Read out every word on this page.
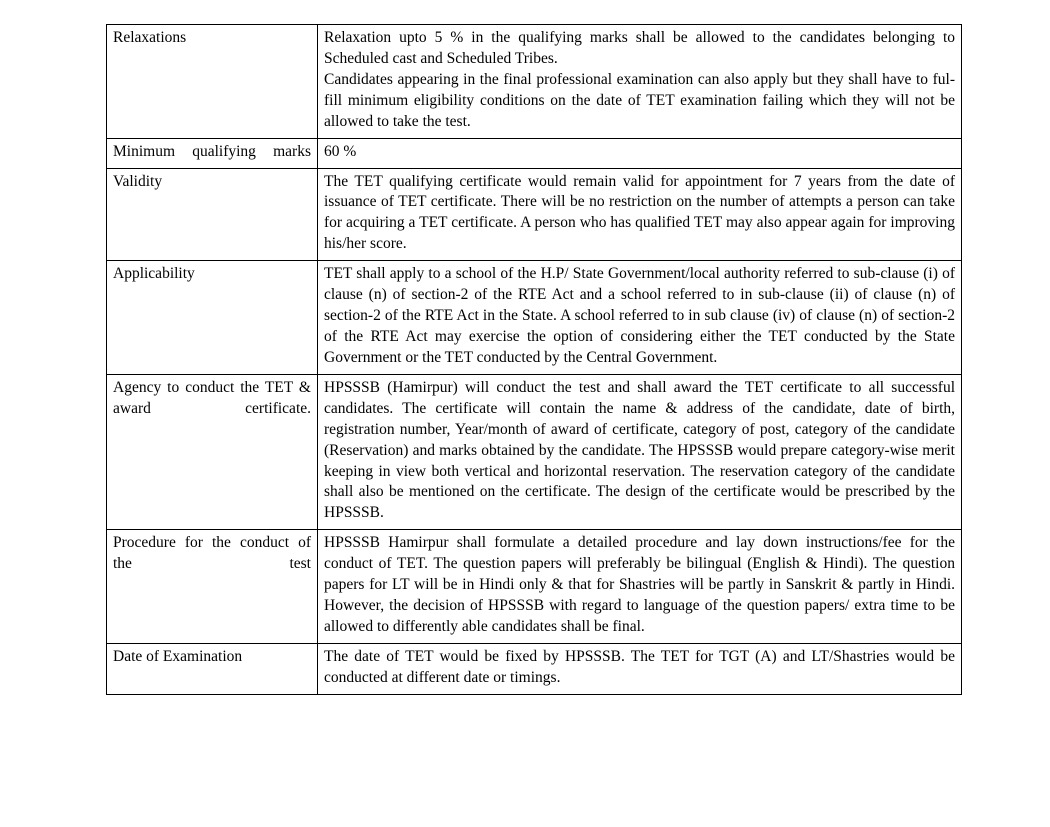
Relaxations	Relaxation upto 5 % in the qualifying marks shall be allowed to the candidates belonging to Scheduled cast and Scheduled Tribes.

Candidates appearing in the final professional examination can also apply but they shall have to ful-fill minimum eligibility conditions on the date of TET examination failing which they will not be allowed to take the test.

Minimum qualifying marks	60 %

Validity	The TET qualifying certificate would remain valid for appointment for 7 years from the date of issuance of TET certificate. There will be no restriction on the number of attempts a person can take for acquiring a TET certificate. A person who has qualified TET may also appear again for improving his/her score.

Applicability	TET shall apply to a school of the H.P/ State Government/local authority referred to sub-clause (i) of clause (n) of section-2 of the RTE Act and a school referred to in sub-clause (ii) of clause (n) of section-2 of the RTE Act in the State. A school referred to in sub clause (iv) of clause (n) of section-2 of the RTE Act may exercise the option of considering either the TET conducted by the State Government or the TET conducted by the Central Government.

Agency to conduct the TET & award certificate.	HPSSSB (Hamirpur) will conduct the test and shall award the TET certificate to all successful candidates. The certificate will contain the name & address of the candidate, date of birth, registration number, Year/month of award of certificate, category of post, category of the candidate (Reservation) and marks obtained by the candidate. The HPSSSB would prepare category-wise merit keeping in view both vertical and horizontal reservation. The reservation category of the candidate shall also be mentioned on the certificate. The design of the certificate would be prescribed by the HPSSSB.

Procedure for the conduct of the test	HPSSSB Hamirpur shall formulate a detailed procedure and lay down instructions/fee for the conduct of TET. The question papers will preferably be bilingual (English & Hindi). The question papers for LT will be in Hindi only & that for Shastries will be partly in Sanskrit & partly in Hindi. However, the decision of HPSSSB with regard to language of the question papers/ extra time to be allowed to differently able candidates shall be final.

Date of Examination	The date of TET would be fixed by HPSSSB. The TET for TGT (A) and LT/Shastries would be conducted at different date or timings.
